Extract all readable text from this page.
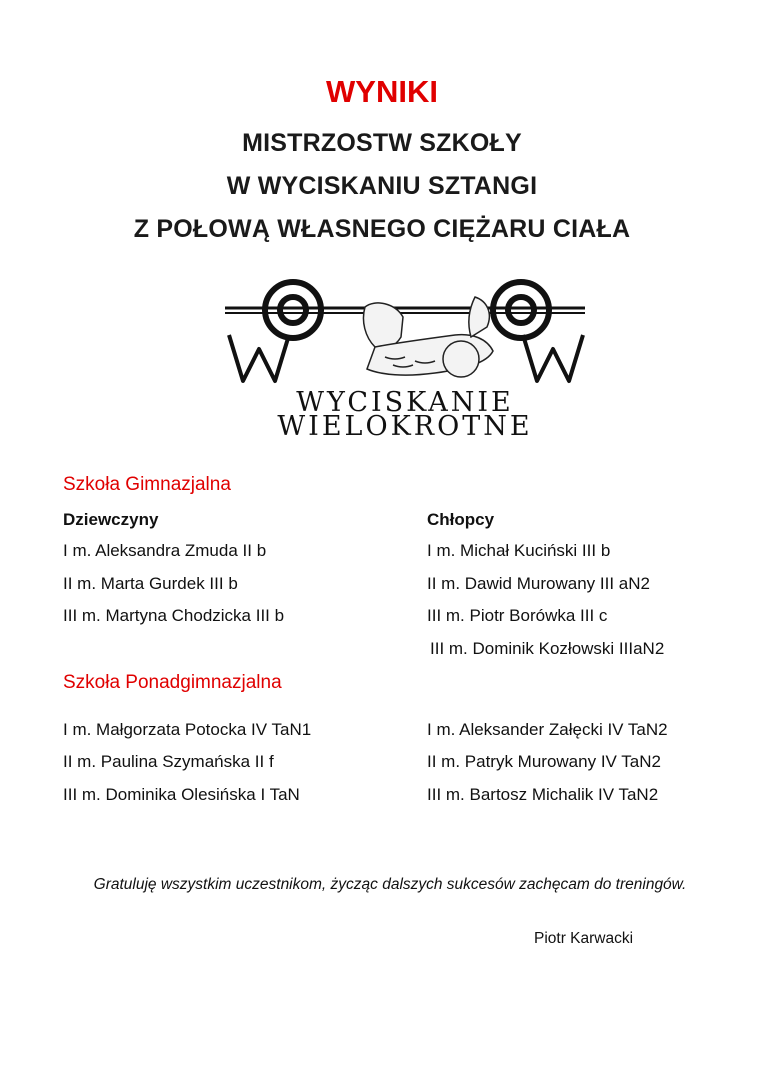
WYNIKI
MISTRZOSTW SZKOŁY
W WYCISKANIU SZTANGI
Z POŁOWĄ WŁASNEGO CIĘŻARU CIAŁA
WYCISKANIE
WIELOKROTNE
Szkoła Gimnazjalna
Dziewczyny	Chłopcy
I m. Aleksandra Zmuda II b
II m. Marta Gurdek III b
III m. Martyna Chodzicka III b
I m. Michał Kuciński III b
II m. Dawid Murowany III aN2
III m. Piotr Borówka III c
III m. Dominik Kozłowski IIIaN2
Szkoła Ponadgimnazjalna
I m. Małgorzata Potocka IV TaN1
II m. Paulina Szymańska II f
III m. Dominika Olesińska I TaN
I m. Aleksander Załęcki IV TaN2
II m. Patryk Murowany IV TaN2
III m. Bartosz Michalik IV TaN2
Gratuluję wszystkim uczestnikom, życząc dalszych sukcesów zachęcam do treningów.
Piotr Karwacki
